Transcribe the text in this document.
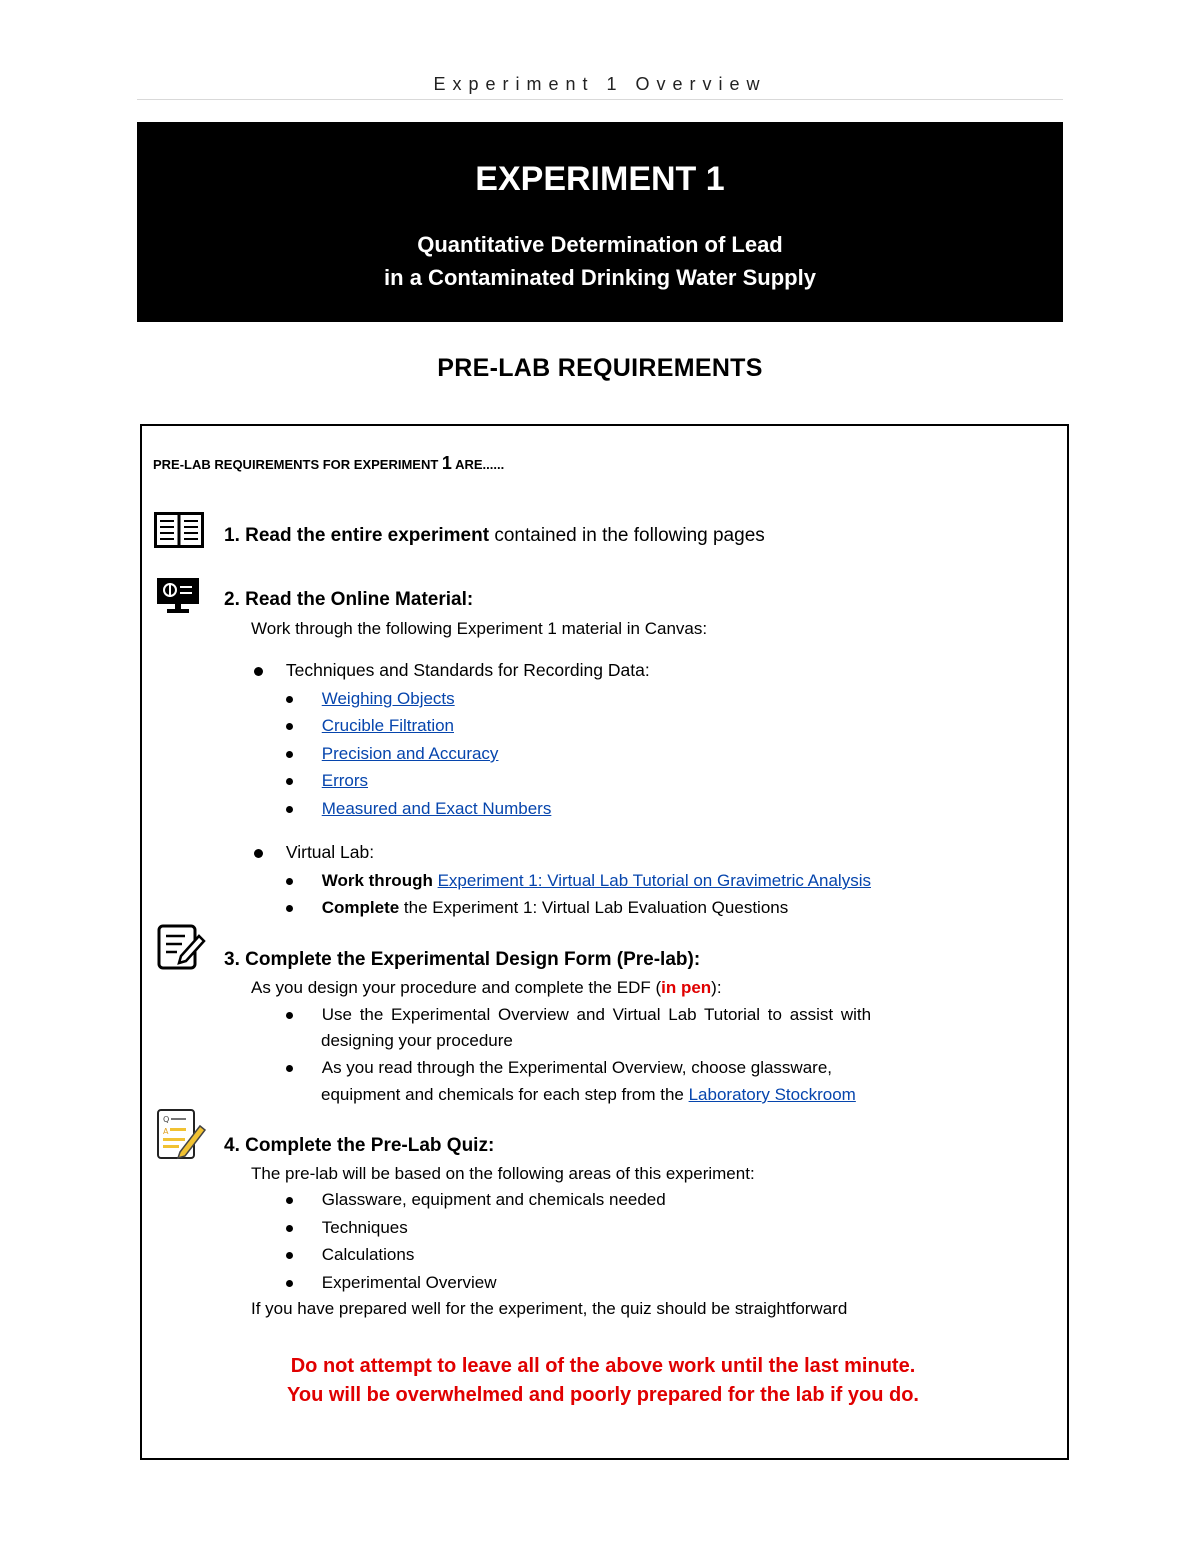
Experiment 1 Overview
EXPERIMENT 1
Quantitative Determination of Lead
in a Contaminated Drinking Water Supply
PRE-LAB REQUIREMENTS
PRE-LAB REQUIREMENTS FOR EXPERIMENT 1 ARE......
Q
A
1. Read the entire experiment contained in the following pages
2. Read the Online Material:
Work through the following Experiment 1 material in Canvas:
Techniques and Standards for Recording Data:
Weighing Objects
Crucible Filtration
Precision and Accuracy
Errors
Measured and Exact Numbers
Virtual Lab:
Work through Experiment 1: Virtual Lab Tutorial on Gravimetric Analysis
Complete the Experiment 1: Virtual Lab Evaluation Questions
3. Complete the Experimental Design Form (Pre-lab):
As you design your procedure and complete the EDF (in pen):
Use the Experimental Overview and Virtual Lab Tutorial to assist with
designing your procedure
As you read through the Experimental Overview, choose glassware,
equipment and chemicals for each step from the Laboratory Stockroom
4. Complete the Pre-Lab Quiz:
The pre-lab will be based on the following areas of this experiment:
Glassware, equipment and chemicals needed
Techniques
Calculations
Experimental Overview
If you have prepared well for the experiment, the quiz should be straightforward
Do not attempt to leave all of the above work until the last minute.
You will be overwhelmed and poorly prepared for the lab if you do.
